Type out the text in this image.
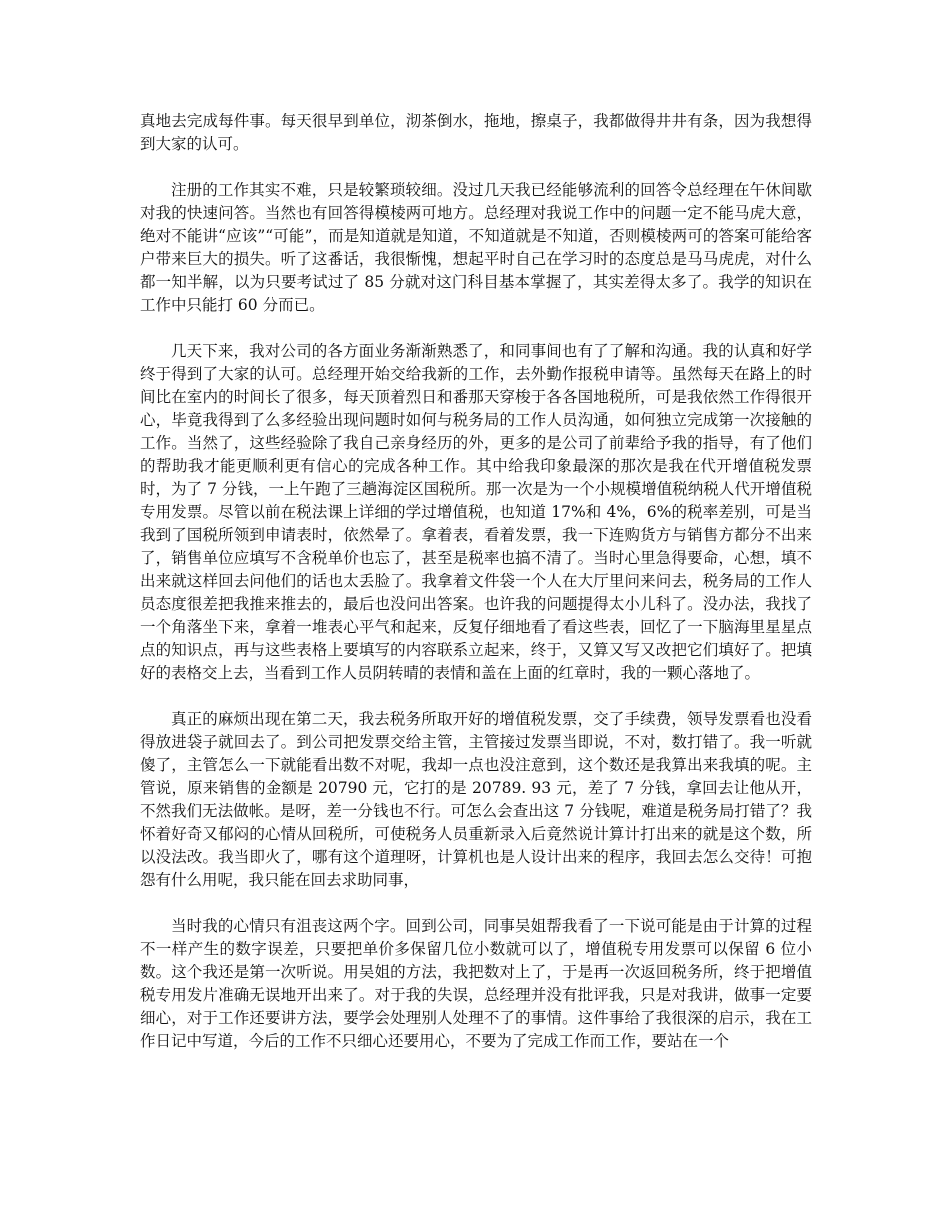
真地去完成每件事。每天很早到单位，沏茶倒水，拖地，擦桌子，我都做得井井有条，因为我想得到大家的认可。

注册的工作其实不难，只是较繁琐较细。没过几天我已经能够流利的回答令总经理在午休间歇对我的快速问答。当然也有回答得模棱两可地方。总经理对我说工作中的问题一定不能马虎大意，绝对不能讲“应该”“可能”，而是知道就是知道，不知道就是不知道，否则模棱两可的答案可能给客户带来巨大的损失。听了这番话，我很惭愧，想起平时自己在学习时的态度总是马马虎虎，对什么都一知半解，以为只要考试过了 85 分就对这门科目基本掌握了，其实差得太多了。我学的知识在工作中只能打 60 分而已。

几天下来，我对公司的各方面业务渐渐熟悉了，和同事间也有了了解和沟通。我的认真和好学终于得到了大家的认可。总经理开始交给我新的工作，去外勤作报税申请等。虽然每天在路上的时间比在室内的时间长了很多，每天顶着烈日和番那天穿梭于各各国地税所，可是我依然工作得很开心，毕竟我得到了么多经验出现问题时如何与税务局的工作人员沟通，如何独立完成第一次接触的工作。当然了，这些经验除了我自己亲身经历的外，更多的是公司了前辈给予我的指导，有了他们的帮助我才能更顺利更有信心的完成各种工作。其中给我印象最深的那次是我在代开增值税发票时，为了 7 分钱，一上午跑了三趟海淀区国税所。那一次是为一个小规模增值税纳税人代开增值税专用发票。尽管以前在税法课上详细的学过增值税，也知道 17%和 4%，6%的税率差别，可是当我到了国税所领到申请表时，依然晕了。拿着表，看着发票，我一下连购货方与销售方都分不出来了，销售单位应填写不含税单价也忘了，甚至是税率也搞不清了。当时心里急得要命，心想，填不出来就这样回去问他们的话也太丢脸了。我拿着文件袋一个人在大厅里问来问去，税务局的工作人员态度很差把我推来推去的，最后也没问出答案。也许我的问题提得太小儿科了。没办法，我找了一个角落坐下来，拿着一堆表心平气和起来，反复仔细地看了看这些表，回忆了一下脑海里星星点点的知识点，再与这些表格上要填写的内容联系立起来，终于，又算又写又改把它们填好了。把填好的表格交上去，当看到工作人员阴转晴的表情和盖在上面的红章时，我的一颗心落地了。

真正的麻烦出现在第二天，我去税务所取开好的增值税发票，交了手续费，领导发票看也没看得放进袋子就回去了。到公司把发票交给主管，主管接过发票当即说，不对，数打错了。我一听就傻了，主管怎么一下就能看出数不对呢，我却一点也没注意到，这个数还是我算出来我填的呢。主管说，原来销售的金额是 20790 元，它打的是 20789. 93 元，差了 7 分钱，拿回去让他从开，不然我们无法做帐。是呀，差一分钱也不行。可怎么会查出这 7 分钱呢，难道是税务局打错了？我怀着好奇又郁闷的心情从回税所，可使税务人员重新录入后竟然说计算计打出来的就是这个数，所以没法改。我当即火了，哪有这个道理呀，计算机也是人设计出来的程序，我回去怎么交待！可抱怨有什么用呢，我只能在回去求助同事，

当时我的心情只有沮丧这两个字。回到公司，同事吴姐帮我看了一下说可能是由于计算的过程不一样产生的数字误差，只要把单价多保留几位小数就可以了，增值税专用发票可以保留 6 位小数。这个我还是第一次听说。用吴姐的方法，我把数对上了，于是再一次返回税务所，终于把增值税专用发片准确无误地开出来了。对于我的失误，总经理并没有批评我，只是对我讲，做事一定要细心，对于工作还要讲方法，要学会处理别人处理不了的事情。这件事给了我很深的启示，我在工作日记中写道，今后的工作不只细心还要用心，不要为了完成工作而工作，要站在一个
